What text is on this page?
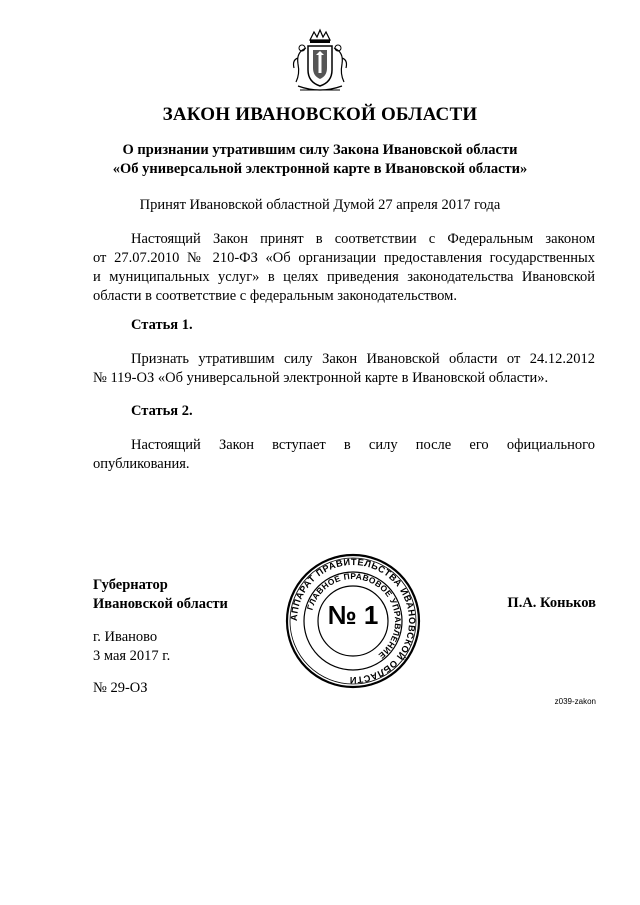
ЗАКОН ИВАНОВСКОЙ ОБЛАСТИ
О признании утратившим силу Закона Ивановской области
«Об универсальной электронной карте в Ивановской области»
Принят Ивановской областной Думой 27 апреля 2017 года
Настоящий Закон принят в соответствии с Федеральным законом
от 27.07.2010 № 210-ФЗ «Об организации предоставления государственных
и муниципальных услуг» в целях приведения законодательства Ивановской
области в соответствие с федеральным законодательством.
Статья 1.
Признать утратившим силу Закон Ивановской области от 24.12.2012
№ 119-ОЗ «Об универсальной электронной карте в Ивановской области».
Статья 2.
Настоящий Закон вступает в силу после его официального
опубликования.
Губернатор
Ивановской области
АППАРАТ ПРАВИТЕЛЬСТВА ИВАНОВСКОЙ ОБЛАСТИ
ГЛАВНОЕ ПРАВОВОЕ УПРАВЛЕНИЕ
№ 1	П.А. Коньков
г. Иваново
3 мая 2017 г.
№ 29-ОЗ
z039-zakon
